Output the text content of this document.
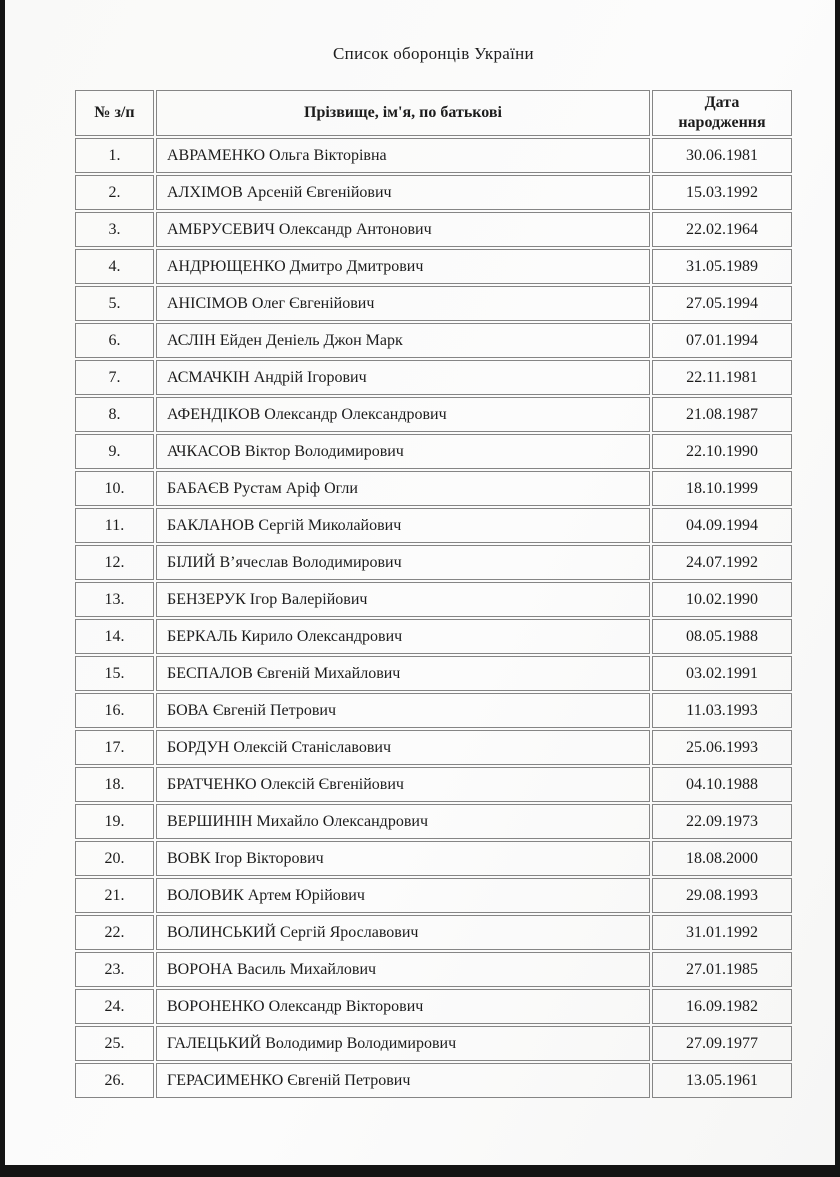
Список оборонців України
№ з/п	Прізвище, ім'я, по батькові	Дата народження
1.	АВРАМЕНКО Ольга Вікторівна	30.06.1981
2.	АЛХІМОВ Арсеній Євгенійович	15.03.1992
3.	АМБРУСЕВИЧ Олександр Антонович	22.02.1964
4.	АНДРЮЩЕНКО Дмитро Дмитрович	31.05.1989
5.	АНІСІМОВ Олег Євгенійович	27.05.1994
6.	АСЛІН Ейден Деніель Джон Марк	07.01.1994
7.	АСМАЧКІН Андрій Ігорович	22.11.1981
8.	АФЕНДІКОВ Олександр Олександрович	21.08.1987
9.	АЧКАСОВ Віктор Володимирович	22.10.1990
10.	БАБАЄВ Рустам Аріф Огли	18.10.1999
11.	БАКЛАНОВ Сергій Миколайович	04.09.1994
12.	БІЛИЙ В’ячеслав Володимирович	24.07.1992
13.	БЕНЗЕРУК Ігор Валерійович	10.02.1990
14.	БЕРКАЛЬ Кирило Олександрович	08.05.1988
15.	БЕСПАЛОВ Євгеній Михайлович	03.02.1991
16.	БОВА Євгеній Петрович	11.03.1993
17.	БОРДУН Олексій Станіславович	25.06.1993
18.	БРАТЧЕНКО Олексій Євгенійович	04.10.1988
19.	ВЕРШИНІН Михайло Олександрович	22.09.1973
20.	ВОВК Ігор Вікторович	18.08.2000
21.	ВОЛОВИК Артем Юрійович	29.08.1993
22.	ВОЛИНСЬКИЙ Сергій Ярославович	31.01.1992
23.	ВОРОНА Василь Михайлович	27.01.1985
24.	ВОРОНЕНКО Олександр Вікторович	16.09.1982
25.	ГАЛЕЦЬКИЙ Володимир Володимирович	27.09.1977
26.	ГЕРАСИМЕНКО Євгеній Петрович	13.05.1961
